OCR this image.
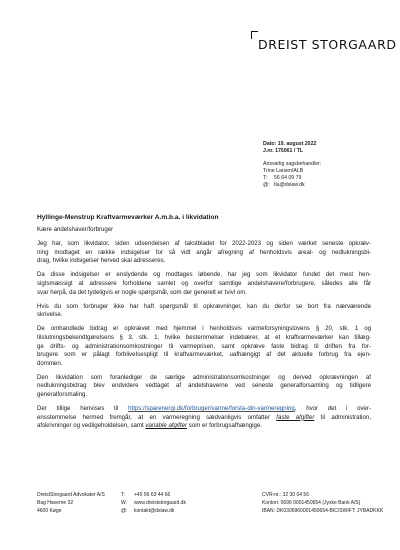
DREIST STORGAARD
Dato: 19. august 2022
J.nr. 175061 / TL
Ansvarlig sagsbehandler:
Trine Larsen/ALB
T: 56 64 09 79
@: tla@dslaw.dk
Hyllinge-Menstrup Kraftvarmeværker A.m.b.a. i likvidation
Kære andelshaver/forbruger
Jeg har, som likvidator, siden udsendelsen af takstbladet for 2022-2023 og siden værket seneste opkræv-
ning modtaget en række indsigelser for så vidt angår afregning af henholdsvis areal- og nedlukningsbi-
drag, hvilke indsigelser herved skal adresseres.
Da disse indsigelser er enslydende og modtages løbende, har jeg som likvidator fundet det mest hen-
sigtsmæssigt at adressere forholdene samlet og overfor samtlige andelshavere/forbrugere, således alle får
svar herpå, da det tydeligvis er nogle spørgsmål, som der generelt er tvivl om.
Hvis du som forbruger ikke har haft spørgsmål til opkrævninger, kan du derfor se bort fra nærværende
skrivelse.
De omhandlede bidrag er opkrævet med hjemmel i henholdsvis varmeforsyningslovens § 20, stk. 1 og
tilslutningsbekendtgørelsens § 3, stk. 1, hvilke bestemmelser indebærer, at et kraftvarmeværker kan tillæg-
ge drifts- og administrationsomkostninger til varmeprisen, samt opkræve faste bidrag til driften fra for-
brugere som er pålagt forbliveIsespligt til kraftvarmeværket, uafhængigt af det aktuelle forbrug fra ejen-
dommen.
Den likvidation som foranlediger de særlige administrationsomkostninger og derved opkrævningen af
nedlukningsbidrag blev endvidere vedtaget af andelshaverne ved seneste generalforsamling og tidligere
generalforsmaling.
Der tillige henvises til https://sparenergi.dk/forbruger/varme/forsta-din-varmeregning, hvor det i over-
ensstemmelse hermed fremgår, at en varmeregning sædvanligvis omfatter faste afgifter til administration,
afskrivninger og vedligeholdelsen, samt variable afgifter som er forbrugsafhængige.
DreistStorgaard Advokater A/S
Bag Haverne 32
4600 Køge
T: +45 56 63 44 66
W: www.dreiststorgaard.dk
@: kontakt@dslaw.dk
CVR-nr.: 32 30 04 56
Konton: 0696 0001450654 (Jyske Bank A/S)
IBAN: DK0306960001450654-BIC/SWIFT: JYBADKKK
